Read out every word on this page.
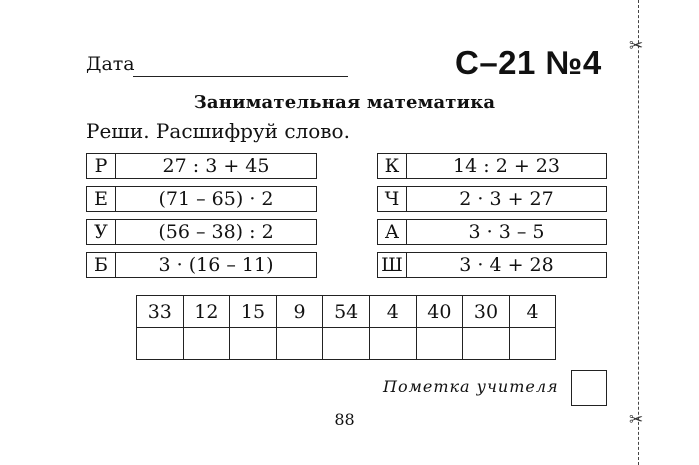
Дата	С–21 №4
Занимательная математика
Реши. Расшифруй слово.
✂
✂
Р	27 : 3 + 45
Е	(71 – 65) · 2
У	(56 – 38) : 2
Б	3 · (16 – 11)
К	14 : 2 + 23
Ч	2 · 3 + 27
А	3 · 3 – 5
Ш	3 · 4 + 28
33	12	15	9	54	4	40	30	4

Пометка учителя
88
